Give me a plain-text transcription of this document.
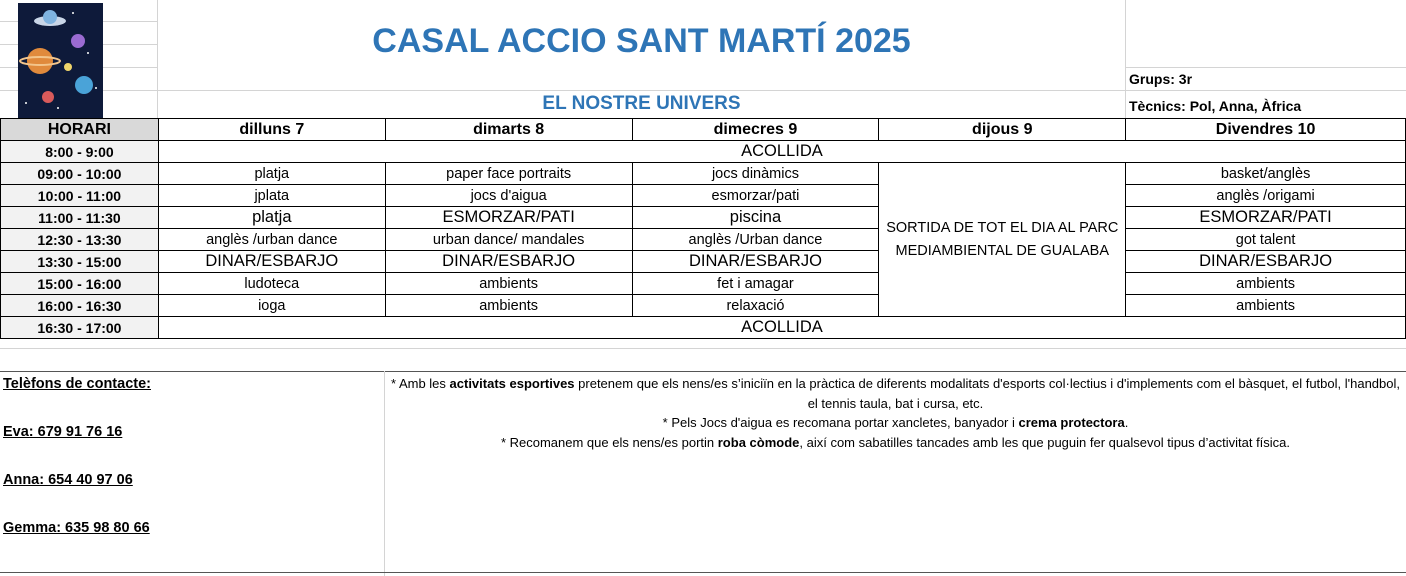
CASAL ACCIO SANT MARTÍ 2025
EL NOSTRE UNIVERS
Grups: 3r
Tècnics: Pol, Anna, Àfrica
HORARI	dilluns 7	dimarts 8	dimecres 9	dijous 9	Divendres 10
8:00 - 9:00	ACOLLIDA				
09:00 - 10:00	platja	paper face portraits	jocs dinàmics	SORTIDA DE TOT EL DIA AL PARC MEDIAMBIENTAL DE GUALABA	basket/anglès
10:00 - 11:00	jplata	jocs d'aigua	esmorzar/pati		anglès /origami
11:00 - 11:30	platja	ESMORZAR/PATI	piscina		ESMORZAR/PATI
12:30 - 13:30	anglès /urban dance	urban dance/ mandales	anglès /Urban dance		got talent
13:30 - 15:00	DINAR/ESBARJO	DINAR/ESBARJO	DINAR/ESBARJO		DINAR/ESBARJO
15:00 - 16:00	ludoteca	ambients	fet i amagar		ambients
16:00 - 16:30	ioga	ambients	relaxació		ambients
16:30 - 17:00	ACOLLIDA				
Telèfons de contacte:
Eva: 679 91 76 16
Anna: 654 40 97 06
Gemma: 635 98 80 66

* Amb les activitats esportives pretenem que els nens/es s’iniciïn en la pràctica de diferents modalitats d'esports col·lectius i d'implements com el bàsquet, el futbol, l'handbol, el tennis taula, bat i cursa, etc.

* Pels Jocs d'aigua es recomana portar xancletes, banyador i crema protectora.

* Recomanem que els nens/es portin roba còmode, així com sabatilles tancades amb les que puguin fer qualsevol tipus d’activitat física.
